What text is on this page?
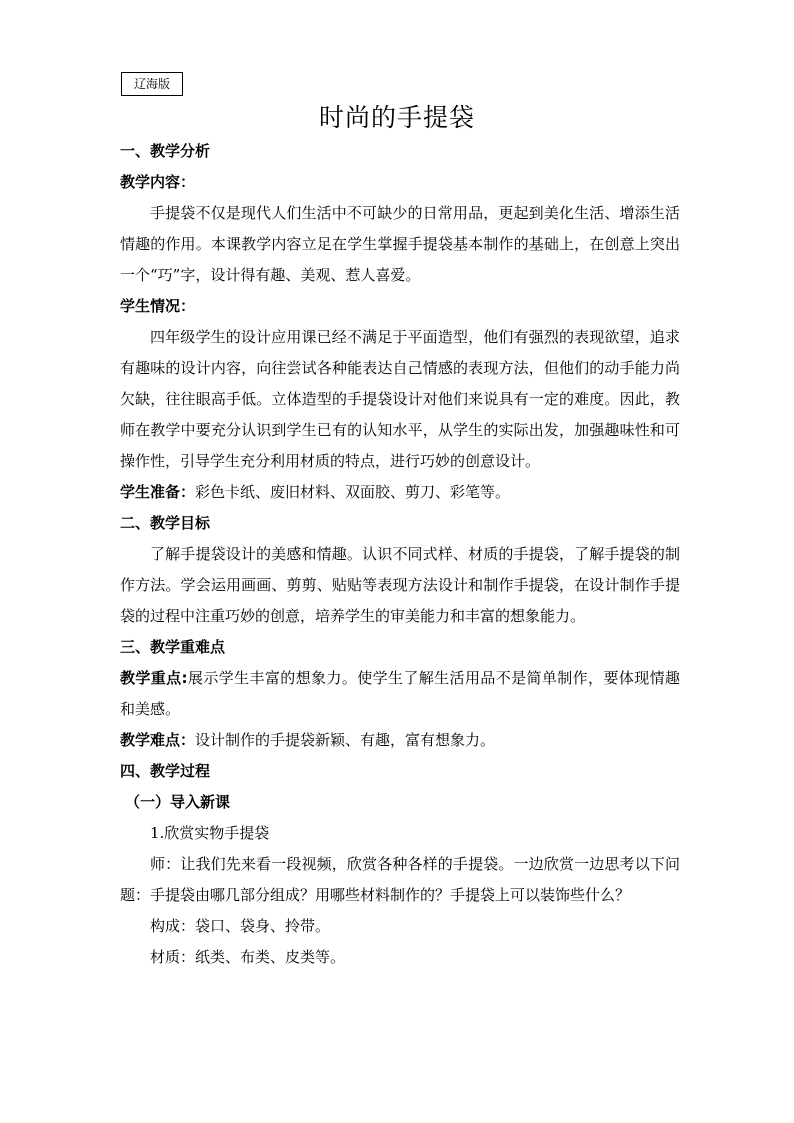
辽海版
时尚的手提袋

一、教学分析

教学内容：

手提袋不仅是现代人们生活中不可缺少的日常用品，更起到美化生活、增添生活情趣的作用。本课教学内容立足在学生掌握手提袋基本制作的基础上，在创意上突出一个“巧”字，设计得有趣、美观、惹人喜爱。

学生情况：

四年级学生的设计应用课已经不满足于平面造型，他们有强烈的表现欲望，追求有趣味的设计内容，向往尝试各种能表达自己情感的表现方法，但他们的动手能力尚欠缺，往往眼高手低。立体造型的手提袋设计对他们来说具有一定的难度。因此，教师在教学中要充分认识到学生已有的认知水平，从学生的实际出发，加强趣味性和可操作性，引导学生充分利用材质的特点，进行巧妙的创意设计。

学生准备：彩色卡纸、废旧材料、双面胶、剪刀、彩笔等。

二、教学目标

了解手提袋设计的美感和情趣。认识不同式样、材质的手提袋，了解手提袋的制作方法。学会运用画画、剪剪、贴贴等表现方法设计和制作手提袋，在设计制作手提袋的过程中注重巧妙的创意，培养学生的审美能力和丰富的想象能力。

三、教学重难点

教学重点:展示学生丰富的想象力。使学生了解生活用品不是简单制作，要体现情趣和美感。

教学难点：设计制作的手提袋新颖、有趣，富有想象力。

四、教学过程

（一）导入新课

1.欣赏实物手提袋

师：让我们先来看一段视频，欣赏各种各样的手提袋。一边欣赏一边思考以下问题：手提袋由哪几部分组成？用哪些材料制作的？手提袋上可以装饰些什么？

构成：袋口、袋身、拎带。

材质：纸类、布类、皮类等。
